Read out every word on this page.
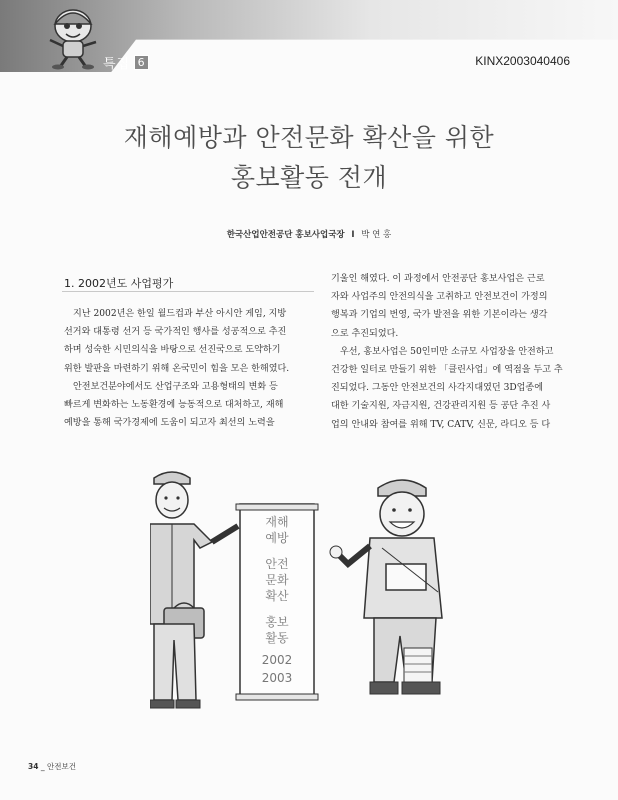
특집 6	KINX2003040406
재해예방과 안전문화 확산을 위한
홍보활동 전개
한국산업안전공단 홍보사업국장 I 박 연 홍
1. 2002년도 사업평가
지난 2002년은 한일 월드컵과 부산 아시안 게임, 지방
선거와 대통령 선거 등 국가적인 행사를 성공적으로 추진
하며 성숙한 시민의식을 바탕으로 선진국으로 도약하기
위한 발판을 마련하기 위해 온국민이 힘을 모은 한해였다.
안전보건분야에서도 산업구조와 고용형태의 변화 등
빠르게 변화하는 노동환경에 능동적으로 대처하고, 재해
예방을 통해 국가경제에 도움이 되고자 최선의 노력을
기울인 해였다. 이 과정에서 안전공단 홍보사업은 근로
자와 사업주의 안전의식을 고취하고 안전보건이 가정의
행복과 기업의 번영, 국가 발전을 위한 기본이라는 생각
으로 추진되었다.
우선, 홍보사업은 50인미만 소규모 사업장을 안전하고
건강한 일터로 만들기 위한 「클린사업」에 역점을 두고 추
진되었다. 그동안 안전보건의 사각지대였던 3D업종에
대한 기술지원, 자금지원, 건강관리지원 등 공단 추진 사
업의 안내와 참여를 위해 TV, CATV, 신문, 라디오 등 다
재해
예방
안전
문화
확산
홍보
활동
2002
2003
34 _ 안전보건
